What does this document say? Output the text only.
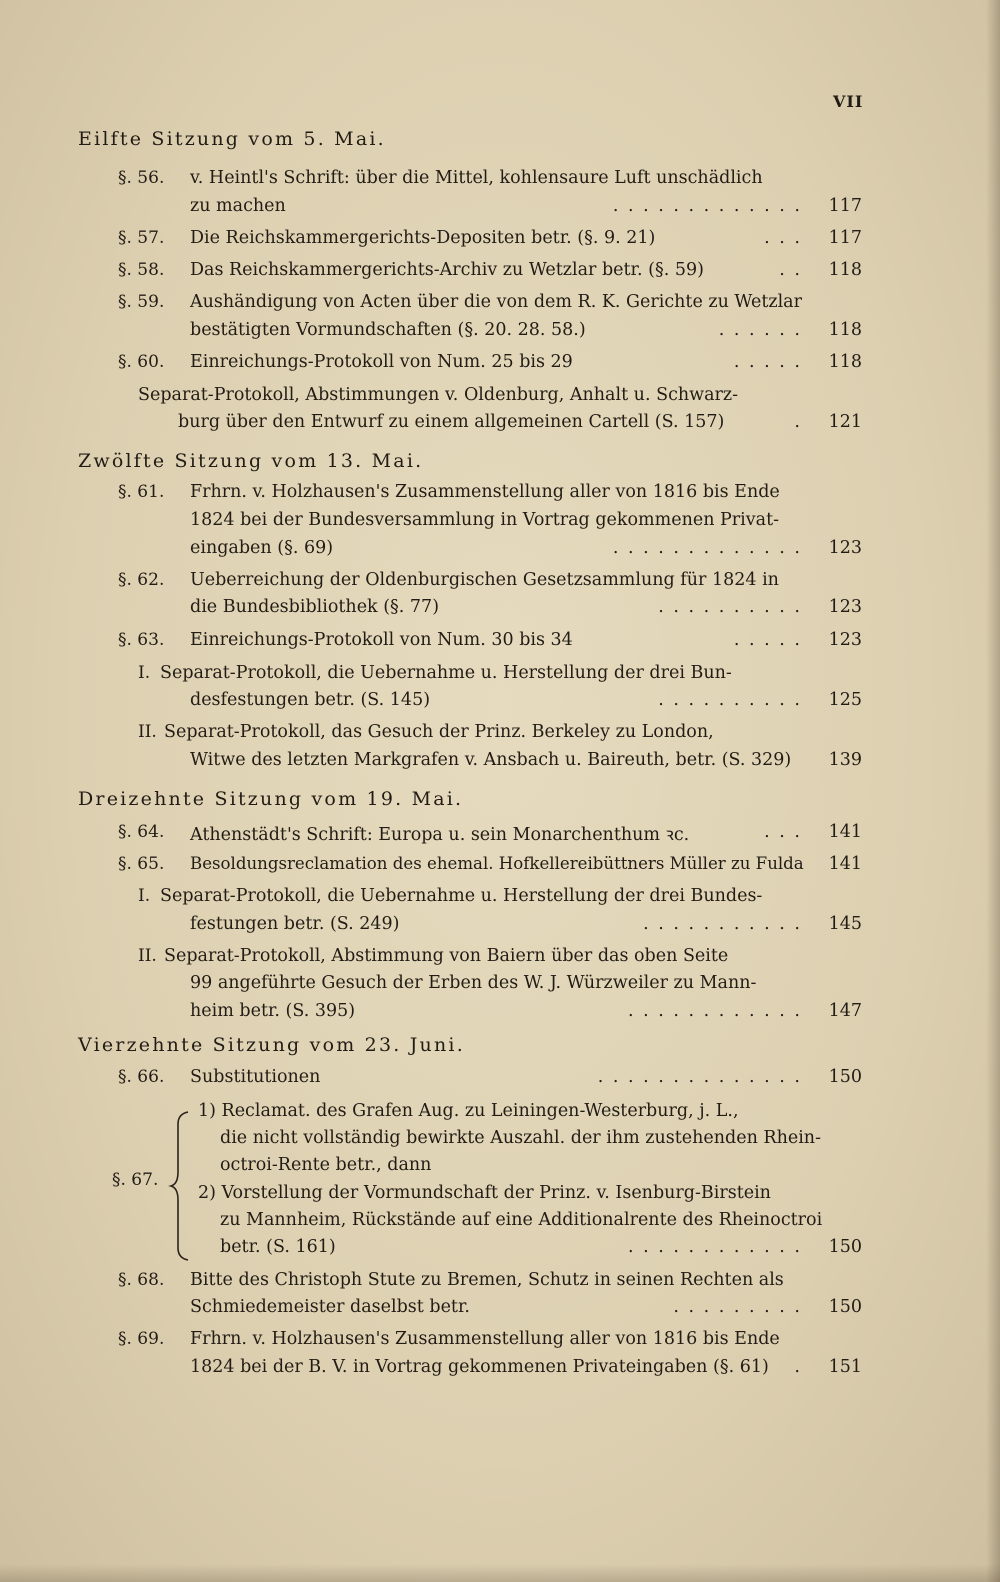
VII
Eilfte Sitzung vom 5. Mai.
§. 56. v. Heintl's Schrift: über die Mittel, kohlensaure Luft unschädlich
zu machen	. . . . . . . . . . . . .	117
§. 57. Die Reichskammergerichts-Depositen betr. (§. 9. 21)	. . .	117
§. 58. Das Reichskammergerichts-Archiv zu Wetzlar betr. (§. 59)	. .	118
§. 59. Aushändigung von Acten über die von dem R. K. Gerichte zu Wetzlar
bestätigten Vormundschaften (§. 20. 28. 58.)	. . . . . .	118
§. 60. Einreichungs-Protokoll von Num. 25 bis 29	. . . . .	118
Separat-Protokoll, Abstimmungen v. Oldenburg, Anhalt u. Schwarz-
burg über den Entwurf zu einem allgemeinen Cartell (S. 157)	.	121
Zwölfte Sitzung vom 13. Mai.
§. 61. Frhrn. v. Holzhausen's Zusammenstellung aller von 1816 bis Ende
1824 bei der Bundesversammlung in Vortrag gekommenen Privat-
eingaben (§. 69)	. . . . . . . . . . . . .	123
§. 62. Ueberreichung der Oldenburgischen Gesetzsammlung für 1824 in
die Bundesbibliothek (§. 77)	. . . . . . . . . .	123
§. 63. Einreichungs-Protokoll von Num. 30 bis 34	. . . . .	123
I. Separat-Protokoll, die Uebernahme u. Herstellung der drei Bun-
desfestungen betr. (S. 145)	. . . . . . . . . .	125
II. Separat-Protokoll, das Gesuch der Prinz. Berkeley zu London,
Witwe des letzten Markgrafen v. Ansbach u. Baireuth, betr. (S. 329)	139
Dreizehnte Sitzung vom 19. Mai.
§. 64. Athenstädt's Schrift: Europa u. sein Monarchenthum ꝛc.	. . .	141
§. 65. Besoldungsreclamation des ehemal. Hofkellereibüttners Müller zu Fulda	141
I. Separat-Protokoll, die Uebernahme u. Herstellung der drei Bundes-
festungen betr. (S. 249)	. . . . . . . . . . .	145
II. Separat-Protokoll, Abstimmung von Baiern über das oben Seite
99 angeführte Gesuch der Erben des W. J. Würzweiler zu Mann-
heim betr. (S. 395)	. . . . . . . . . . . .	147
Vierzehnte Sitzung vom 23. Juni.
§. 66. Substitutionen	. . . . . . . . . . . . . .	150
§. 67.
1) Reclamat. des Grafen Aug. zu Leiningen-Westerburg, j. L.,
die nicht vollständig bewirkte Auszahl. der ihm zustehenden Rhein-
octroi-Rente betr., dann
2) Vorstellung der Vormundschaft der Prinz. v. Isenburg-Birstein
zu Mannheim, Rückstände auf eine Additionalrente des Rheinoctroi
betr. (S. 161)	. . . . . . . . . . . .	150
§. 68. Bitte des Christoph Stute zu Bremen, Schutz in seinen Rechten als
Schmiedemeister daselbst betr.	. . . . . . . . .	150
§. 69. Frhrn. v. Holzhausen's Zusammenstellung aller von 1816 bis Ende
1824 bei der B. V. in Vortrag gekommenen Privateingaben (§. 61)	.	151
